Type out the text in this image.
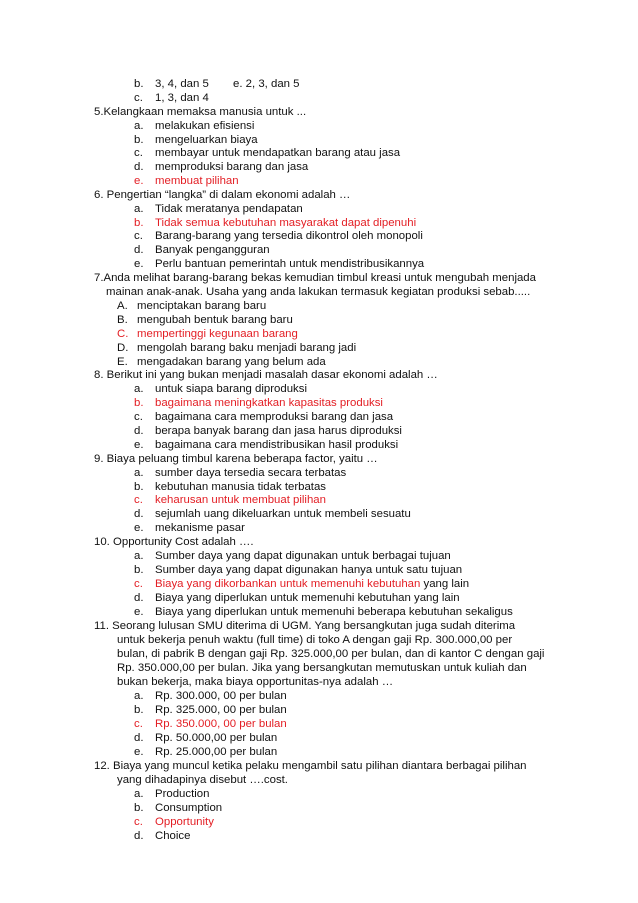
b. 3, 4, dan 5 e. 2, 3, dan 5
c. 1, 3, dan 4
5.Kelangkaan memaksa manusia untuk ...
a. melakukan efisiensi
b. mengeluarkan biaya
c. membayar untuk mendapatkan barang atau jasa
d. memproduksi barang dan jasa
e. membuat pilihan
6. Pengertian “langka” di dalam ekonomi adalah …
a. Tidak meratanya pendapatan
b. Tidak semua kebutuhan masyarakat dapat dipenuhi
c. Barang-barang yang tersedia dikontrol oleh monopoli
d. Banyak pengangguran
e. Perlu bantuan pemerintah untuk mendistribusikannya
7.Anda melihat barang-barang bekas kemudian timbul kreasi untuk mengubah menjada
mainan anak-anak. Usaha yang anda lakukan termasuk kegiatan produksi sebab.....
A. menciptakan barang baru
B. mengubah bentuk barang baru
C. mempertinggi kegunaan barang
D. mengolah barang baku menjadi barang jadi
E. mengadakan barang yang belum ada
8. Berikut ini yang bukan menjadi masalah dasar ekonomi adalah …
a. untuk siapa barang diproduksi
b. bagaimana meningkatkan kapasitas produksi
c. bagaimana cara memproduksi barang dan jasa
d. berapa banyak barang dan jasa harus diproduksi
e. bagaimana cara mendistribusikan hasil produksi
9. Biaya peluang timbul karena beberapa factor, yaitu …
a. sumber daya tersedia secara terbatas
b. kebutuhan manusia tidak terbatas
c. keharusan untuk membuat pilihan
d. sejumlah uang dikeluarkan untuk membeli sesuatu
e. mekanisme pasar
10. Opportunity Cost adalah ….
a. Sumber daya yang dapat digunakan untuk berbagai tujuan
b. Sumber daya yang dapat digunakan hanya untuk satu tujuan
c. Biaya yang dikorbankan untuk memenuhi kebutuhan yang lain
d. Biaya yang diperlukan untuk memenuhi kebutuhan yang lain
e. Biaya yang diperlukan untuk memenuhi beberapa kebutuhan sekaligus
11. Seorang lulusan SMU diterima di UGM. Yang bersangkutan juga sudah diterima
untuk bekerja penuh waktu (full time) di toko A dengan gaji Rp. 300.000,00 per
bulan, di pabrik B dengan gaji Rp. 325.000,00 per bulan, dan di kantor C dengan gaji
Rp. 350.000,00 per bulan. Jika yang bersangkutan memutuskan untuk kuliah dan
bukan bekerja, maka biaya opportunitas-nya adalah …
a. Rp. 300.000, 00 per bulan
b. Rp. 325.000, 00 per bulan
c. Rp. 350.000, 00 per bulan
d. Rp. 50.000,00 per bulan
e. Rp. 25.000,00 per bulan
12. Biaya yang muncul ketika pelaku mengambil satu pilihan diantara berbagai pilihan
yang dihadapinya disebut ….cost.
a. Production
b. Consumption
c. Opportunity
d. Choice
